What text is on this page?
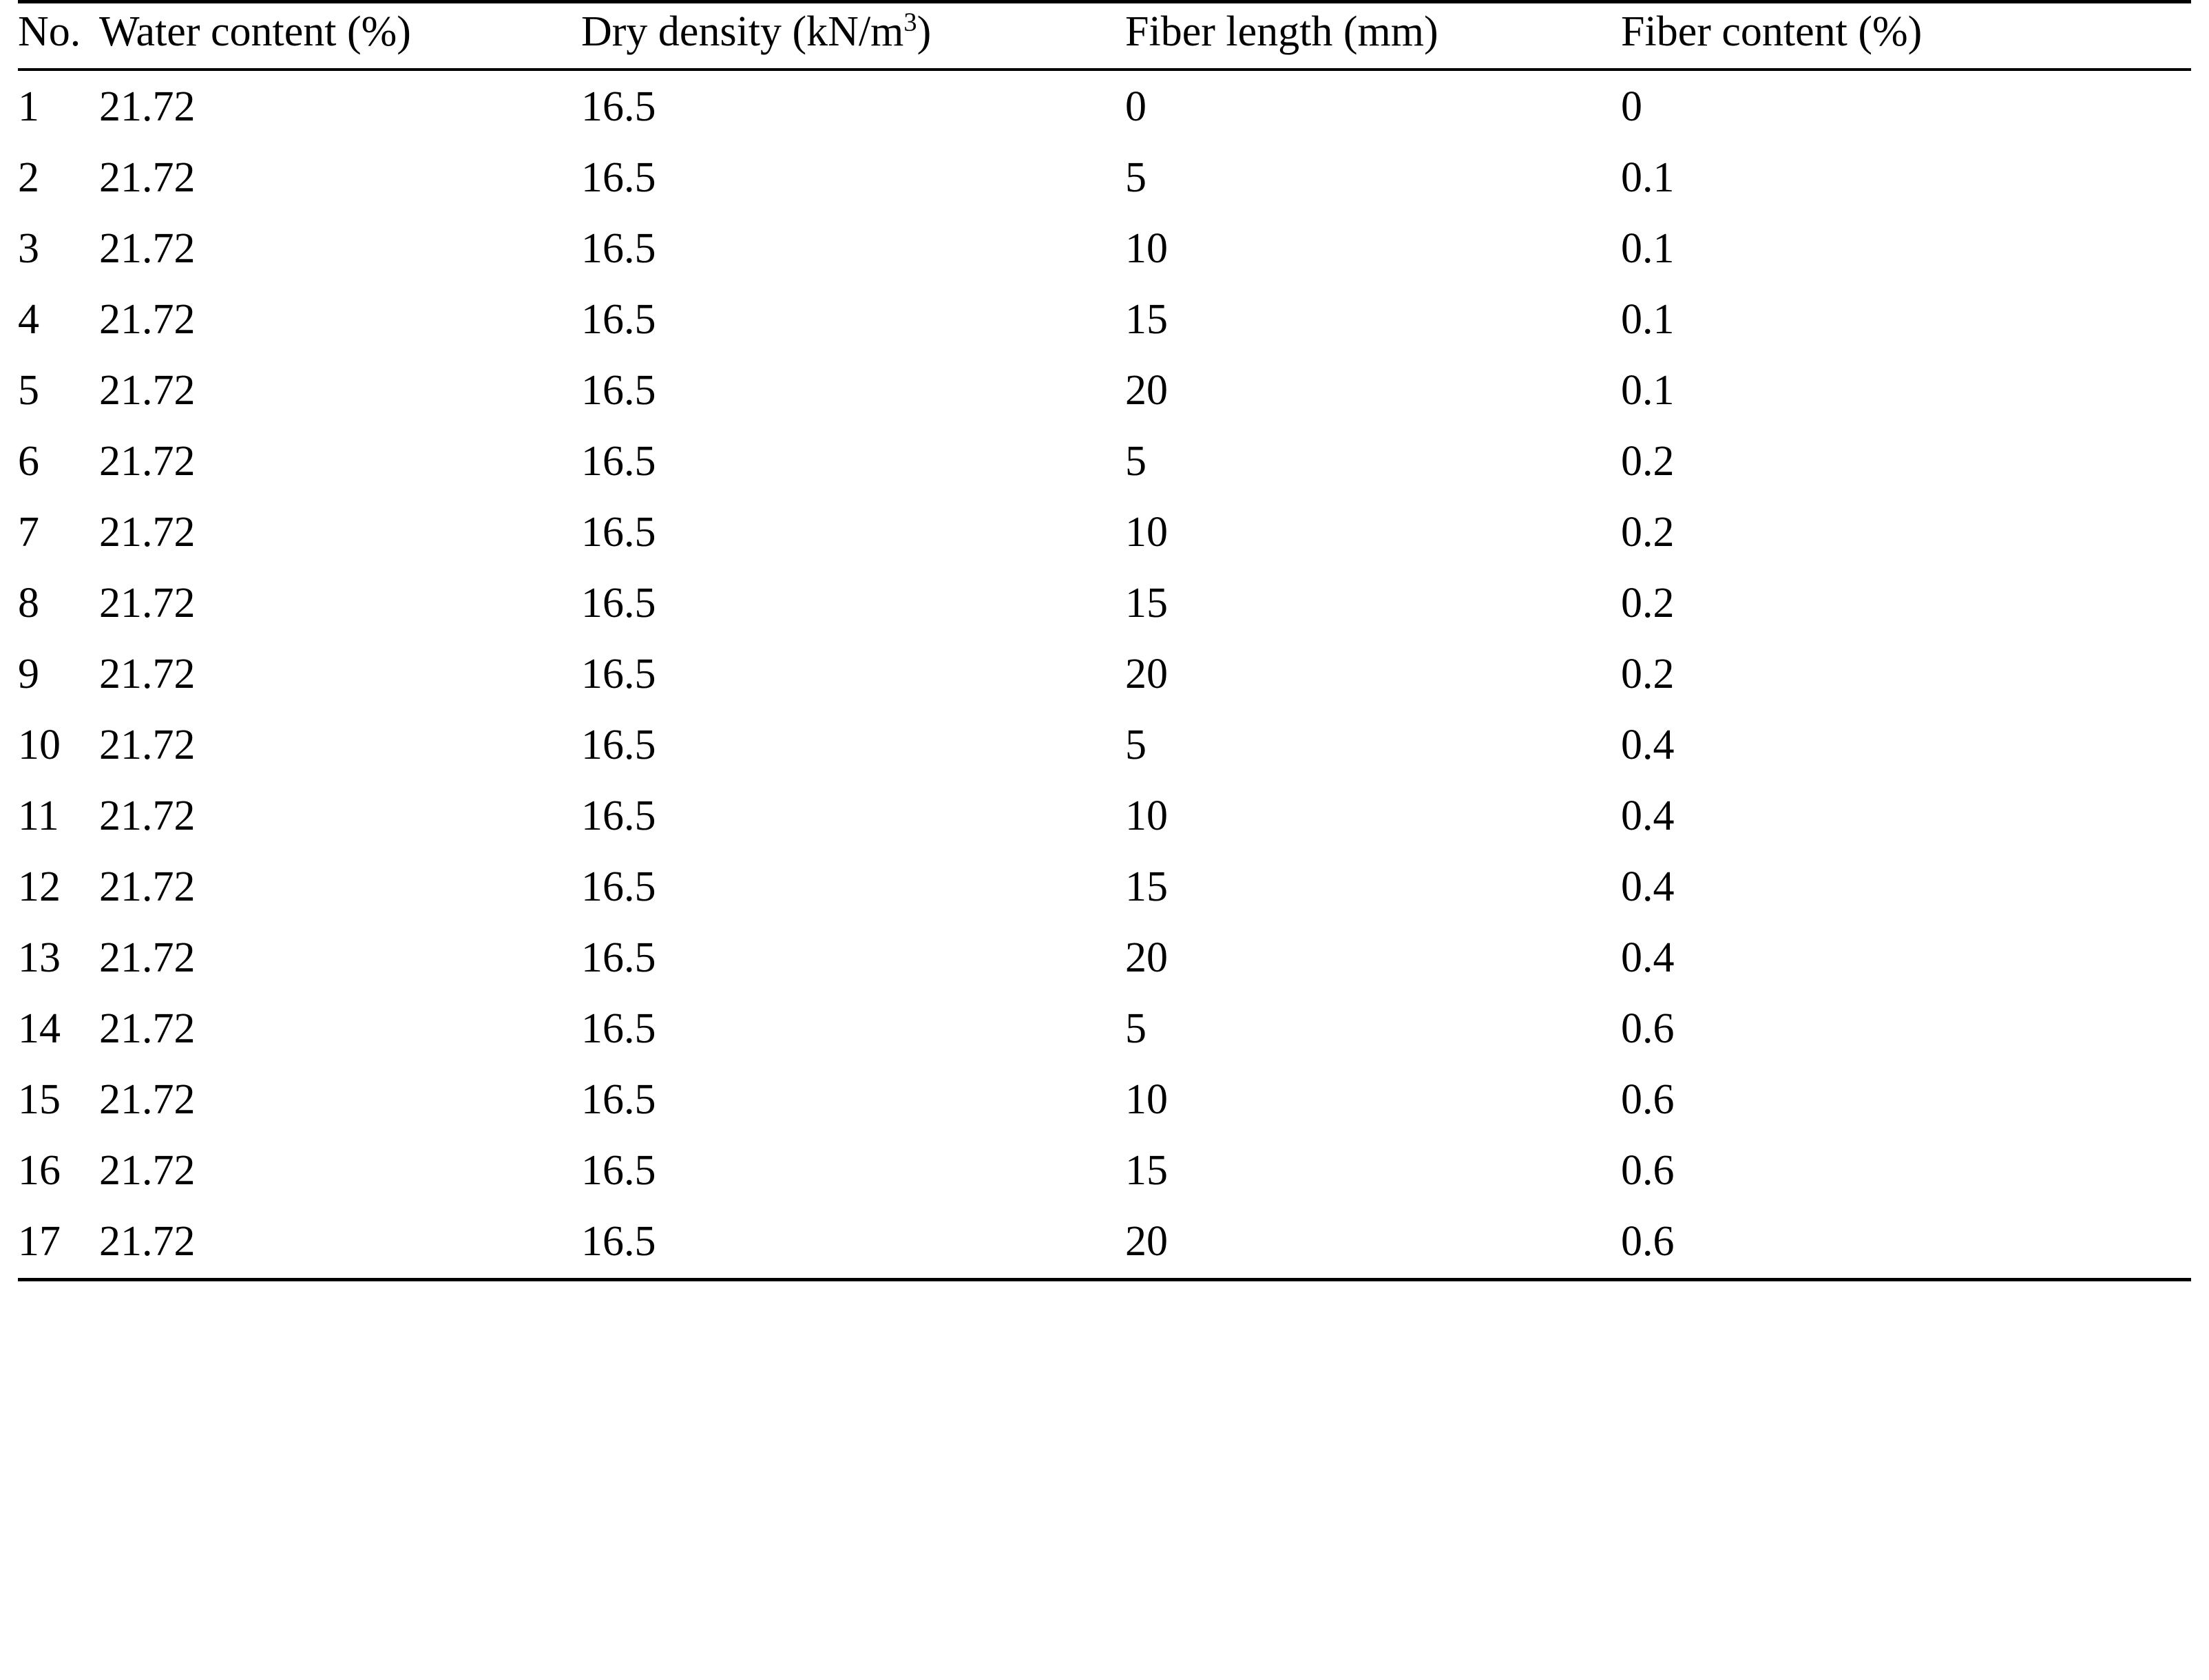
No.	Water content (%)	Dry density $(kN/m^3)$	Fiber length (mm)	Fiber content (%)
1	21.72	16.5	0	0
2	21.72	16.5	5	0.1
3	21.72	16.5	10	0.1
4	21.72	16.5	15	0.1
5	21.72	16.5	20	0.1
6	21.72	16.5	5	0.2
7	21.72	16.5	10	0.2
8	21.72	16.5	15	0.2
9	21.72	16.5	20	0.2
10	21.72	16.5	5	0.4
11	21.72	16.5	10	0.4
12	21.72	16.5	15	0.4
13	21.72	16.5	20	0.4
14	21.72	16.5	5	0.6
15	21.72	16.5	10	0.6
16	21.72	16.5	15	0.6
17	21.72	16.5	20	0.6
